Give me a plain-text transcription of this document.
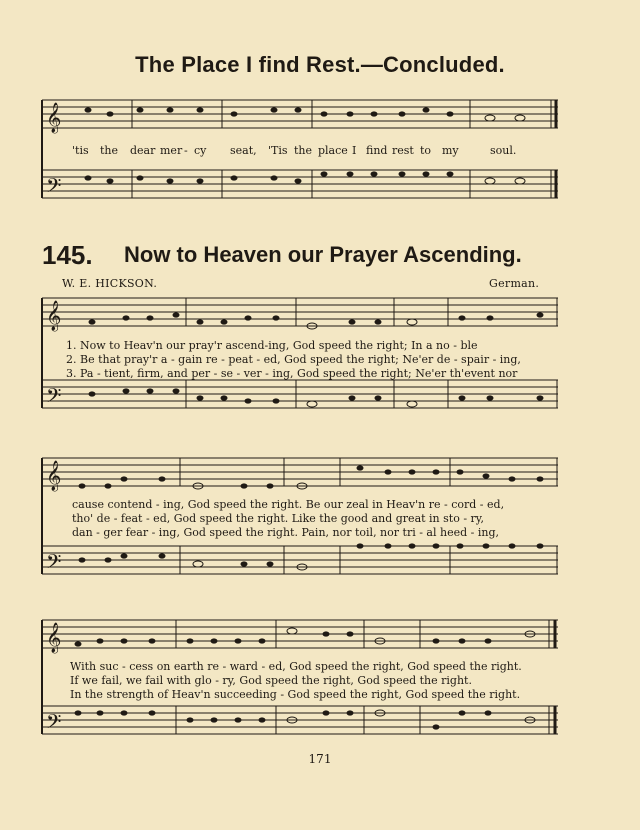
The Place I find Rest.—Concluded.
𝄞
𝄢
𝄞
𝄢
𝄞
𝄢
𝄞
𝄢
'tis the dear mer - cy seat, 'Tis the place I find rest to my	soul.
145. Now to Heaven our Prayer Ascending.
W. E. HICKSON.	German.
1. Now to Heav'n our pray'r ascend-ing, God speed the right; In a no - ble
2. Be that pray'r a - gain re - peat - ed, God speed the right; Ne'er de - spair - ing,
3. Pa - tient, firm, and per - se - ver - ing, God speed the right; Ne'er th'event nor
cause contend - ing, God speed the right. Be our zeal in Heav'n re - cord - ed,
tho' de - feat - ed, God speed the right. Like the good and great in sto - ry,
dan - ger fear - ing, God speed the right. Pain, nor toil, nor tri - al heed - ing,
With suc - cess on earth re - ward - ed, God speed the right, God speed the right.
If we fail, we fail with glo - ry, God speed the right, God speed the right.
In the strength of Heav'n succeeding - God speed the right, God speed the right.
171
